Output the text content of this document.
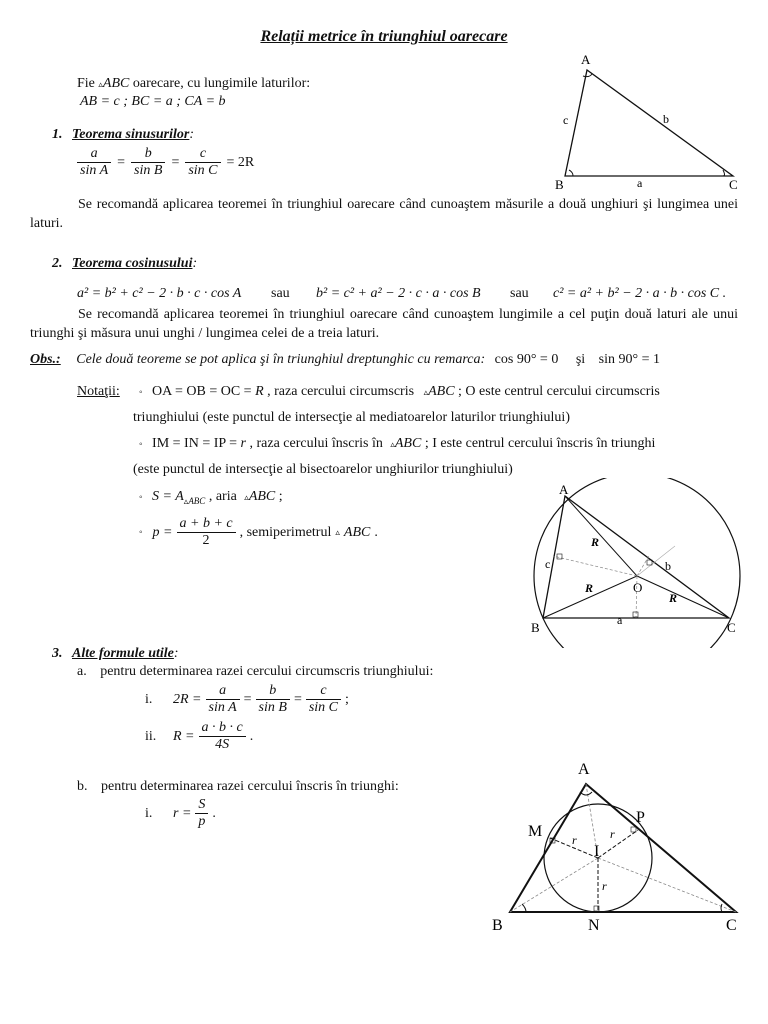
Relații metrice în triunghiul oarecare
Fie ▵ABC oarecare, cu lungimile laturilor:
AB = c ; BC = a ; CA = b
1. Teorema sinusurilor:
$\frac{a}{\text{sin A}} = \frac{b}{\text{sin B}} = \frac{c}{\text{sin C}} = 2R$
Se recomandă aplicarea teoremei în triunghiul oarecare când cunoaştem măsurile a două unghiuri şi lungimea unei laturi.
A
B	C
a
b
c
2. Teorema cosinusului:
a² = b² + c² − 2 · b · c · cos A sau b² = c² + a² − 2 · c · a · cos B sau c² = a² + b² − 2 · a · b · cos C .
Se recomandă aplicarea teoremei în triunghiul oarecare când cunoaştem lungimile a cel puţin două laturi ale unui triunghi şi măsura unui unghi / lungimea celei de a treia laturi.
Obs.: Cele două teoreme se pot aplica şi în triunghiul dreptunghic cu remarca: cos 90° = 0 şi sin 90° = 1
Notaţii: ◦ OA = OB = OC = R , raza cercului circumscris ▵ABC ; O este centrul cercului circumscris
triunghiului (este punctul de intersecţie al mediatoarelor laturilor triunghiului)
◦ IM = IN = IP = r , raza cercului înscris în ▵ABC ; I este centrul cercului înscris în triunghi
(este punctul de intersecţie al bisectoarelor unghiurilor triunghiului)
◦ $S = A_{▵ABC}$ , aria ▵ABC ;
◦ $p = \frac{a + b + c}{2}$ , semiperimetrul ▵ ABC .
A
B	C
O
a
b
c
R
R
R
3. Alte formule utile:
a. pentru determinarea razei cercului circumscris triunghiului:
i.	$2R = \frac{a}{\text{sin A}} = \frac{b}{\text{sin B}} = \frac{c}{\text{sin C}}$ ;
ii.	$R = \frac{a \cdot b \cdot c}{4S}$ .
b. pentru determinarea razei cercului înscris în triunghi:
i.	$r = \frac{S}{p}$ .
A
B	C
M
N
P
I
r	r
r
